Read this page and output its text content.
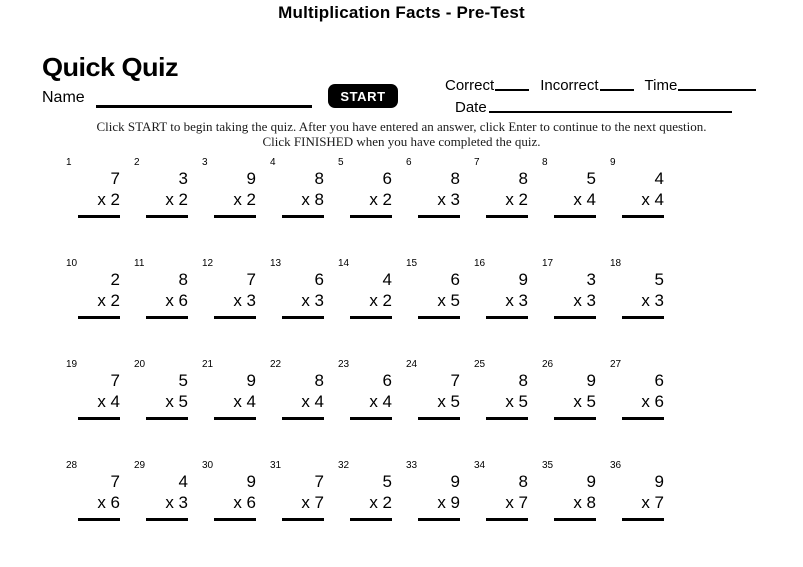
Multiplication Facts - Pre-Test
Quick Quiz
Name	START
Correct	Incorrect	Time
Date
Click START to begin taking the quiz. After you have entered an answer, click Enter to continue to the next question.
Click FINISHED when you have completed the quiz.
1
7
x 2
2
3
x 2
3
9
x 2
4
8
x 8
5
6
x 2
6
8
x 3
7
8
x 2
8
5
x 4
9
4
x 4
10
2
x 2
11
8
x 6
12
7
x 3
13
6
x 3
14
4
x 2
15
6
x 5
16
9
x 3
17
3
x 3
18
5
x 3
19
7
x 4
20
5
x 5
21
9
x 4
22
8
x 4
23
6
x 4
24
7
x 5
25
8
x 5
26
9
x 5
27
6
x 6
28
7
x 6
29
4
x 3
30
9
x 6
31
7
x 7
32
5
x 2
33
9
x 9
34
8
x 7
35
9
x 8
36
9
x 7
